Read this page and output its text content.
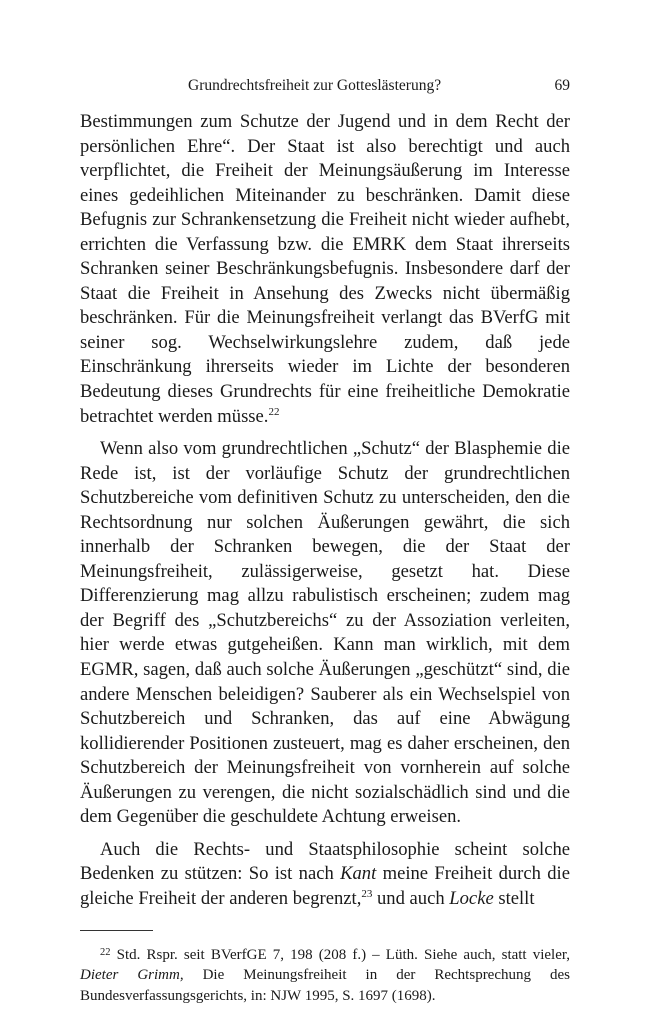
Grundrechtsfreiheit zur Gotteslästerung?	69

Bestimmungen zum Schutze der Jugend und in dem Recht der persönlichen Ehre“. Der Staat ist also berechtigt und auch verpflichtet, die Freiheit der Meinungsäußerung im Interesse eines gedeihlichen Miteinander zu beschränken. Damit diese Befugnis zur Schrankensetzung die Freiheit nicht wieder aufhebt, errichten die Verfassung bzw. die EMRK dem Staat ihrerseits Schranken seiner Beschränkungsbefugnis. Insbesondere darf der Staat die Freiheit in Ansehung des Zwecks nicht übermäßig beschränken. Für die Meinungsfreiheit verlangt das BVerfG mit seiner sog. Wechselwirkungslehre zudem, daß jede Einschränkung ihrerseits wieder im Lichte der besonderen Bedeutung dieses Grundrechts für eine freiheitliche Demokratie betrachtet werden müsse.$^{22}$

Wenn also vom grundrechtlichen „Schutz“ der Blasphemie die Rede ist, ist der vorläufige Schutz der grundrechtlichen Schutzbereiche vom definitiven Schutz zu unterscheiden, den die Rechtsordnung nur solchen Äußerungen gewährt, die sich innerhalb der Schranken bewegen, die der Staat der Meinungsfreiheit, zulässigerweise, gesetzt hat. Diese Differenzierung mag allzu rabulistisch erscheinen; zudem mag der Begriff des „Schutzbereichs“ zu der Assoziation verleiten, hier werde etwas gutgeheißen. Kann man wirklich, mit dem EGMR, sagen, daß auch solche Äußerungen „geschützt“ sind, die andere Menschen beleidigen? Sauberer als ein Wechselspiel von Schutzbereich und Schranken, das auf eine Abwägung kollidierender Positionen zusteuert, mag es daher erscheinen, den Schutzbereich der Meinungsfreiheit von vornherein auf solche Äußerungen zu verengen, die nicht sozialschädlich sind und die dem Gegenüber die geschuldete Achtung erweisen.

Auch die Rechts- und Staatsphilosophie scheint solche Bedenken zu stützen: So ist nach Kant meine Freiheit durch die gleiche Freiheit der anderen begrenzt,$^{23}$ und auch Locke stellt

$^{22}$ Std. Rspr. seit BVerfGE 7, 198 (208 f.) – Lüth. Siehe auch, statt vieler, Dieter Grimm, Die Meinungsfreiheit in der Rechtsprechung des Bundesverfassungsgerichts, in: NJW 1995, S. 1697 (1698).
